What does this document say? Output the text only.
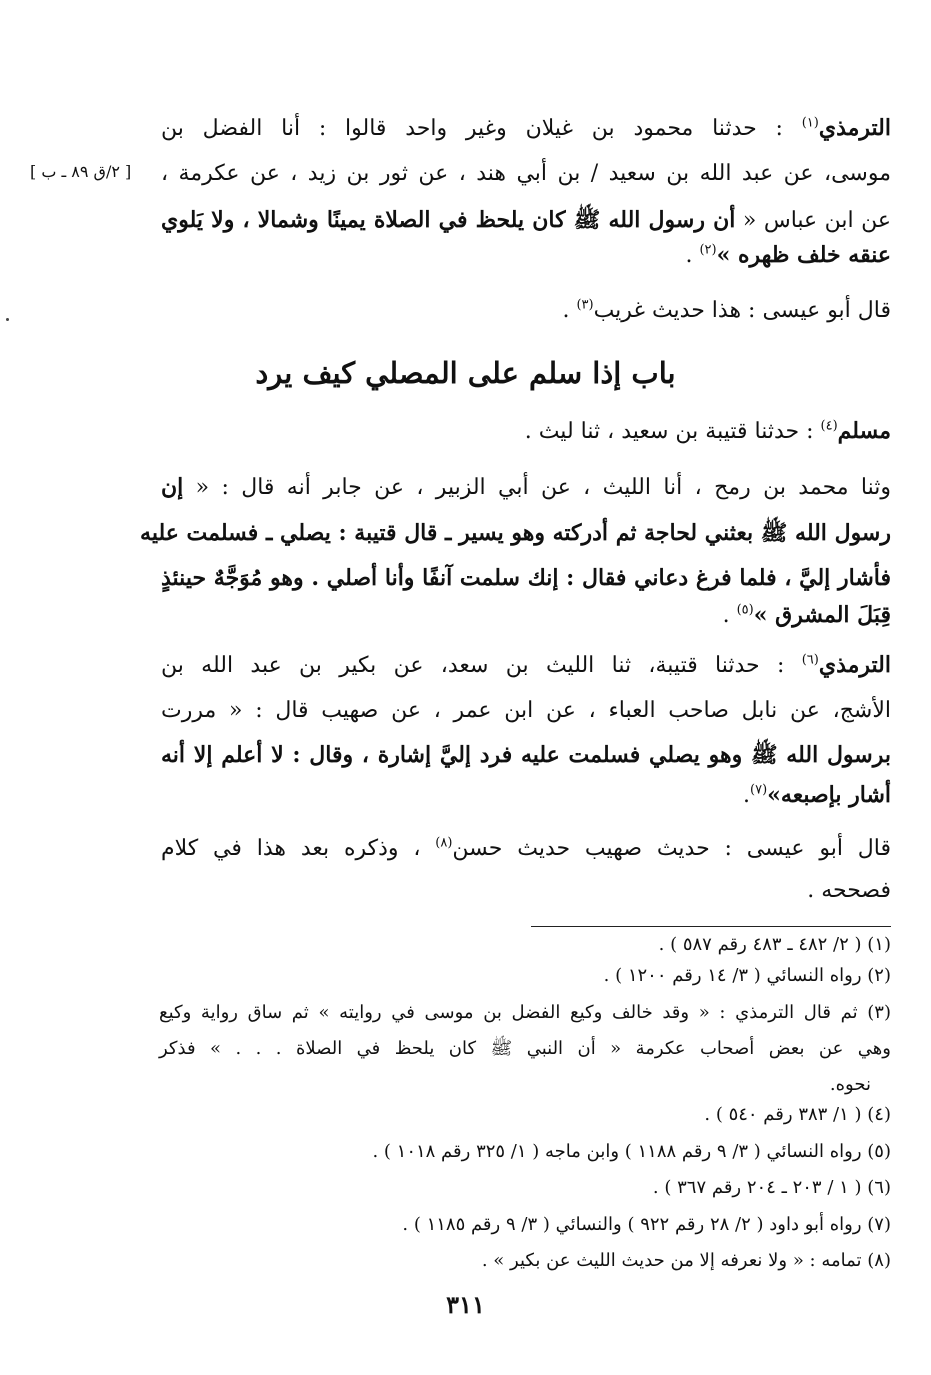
[ ٢/ق ٨٩ ـ ب ]
الترمذي$^{(١)}$ : حدثنا محمود بن غيلان وغير واحد قالوا : أنا الفضل بن
موسى، عن عبد الله بن سعيد / بن أبي هند ، عن ثور بن زيد ، عن عكرمة ،
عن ابن عباس « أن رسول الله ﷺ كان يلحظ في الصلاة يمينًا وشمالا ، ولا يَلوي
عنقه خلف ظهره »$^{(٢)}$ .
قال أبو عيسى : هذا حديث غريب$^{(٣)}$ .
باب إذا سلم على المصلي كيف يرد
مسلم$^{(٤)}$ : حدثنا قتيبة بن سعيد ، ثنا ليث .
وثنا محمد بن رمح ، أنا الليث ، عن أبي الزبير ، عن جابر أنه قال : « إن
رسول الله ﷺ بعثني لحاجة ثم أدركته وهو يسير ـ قال قتيبة : يصلي ـ فسلمت عليه
فأشار إليَّ ، فلما فرغ دعاني فقال : إنك سلمت آنفًا وأنا أصلي . وهو مُوَجَّهٌ حينئذٍ
قِبَلَ المشرق »$^{(٥)}$ .
الترمذي$^{(٦)}$ : حدثنا قتيبة، ثنا الليث بن سعد، عن بكير بن عبد الله بن
الأشج، عن نابل صاحب العباء ، عن ابن عمر ، عن صهيب قال : « مررت
برسول الله ﷺ وهو يصلي فسلمت عليه فرد إليَّ إشارة ، وقال : لا أعلم إلا أنه
أشار بإصبعه»$^{(٧)}$.
قال أبو عيسى : حديث صهيب حديث حسن$^{(٨)}$ ، وذكره بعد هذا في كلام
فصححه .
(١) ( ٢/ ٤٨٢ ـ ٤٨٣ رقم ٥٨٧ ) .
(٢) رواه النسائي ( ٣/ ١٤ رقم ١٢٠٠ ) .
(٣) ثم قال الترمذي : « وقد خالف وكيع الفضل بن موسى في روايته » ثم ساق رواية وكيع
وهي عن بعض أصحاب عكرمة « أن النبي ﷺ كان يلحظ في الصلاة . . . » فذكر
نحوه.
(٤) ( ١/ ٣٨٣ رقم ٥٤٠ ) .
(٥) رواه النسائي ( ٣/ ٩ رقم ١١٨٨ ) وابن ماجه ( ١/ ٣٢٥ رقم ١٠١٨ ) .
(٦) ( ١ / ٢٠٣ ـ ٢٠٤ رقم ٣٦٧ ) .
(٧) رواه أبو داود ( ٢/ ٢٨ رقم ٩٢٢ ) والنسائي ( ٣/ ٩ رقم ١١٨٥ ) .
(٨) تمامه : « ولا نعرفه إلا من حديث الليث عن بكير » .
٣١١
